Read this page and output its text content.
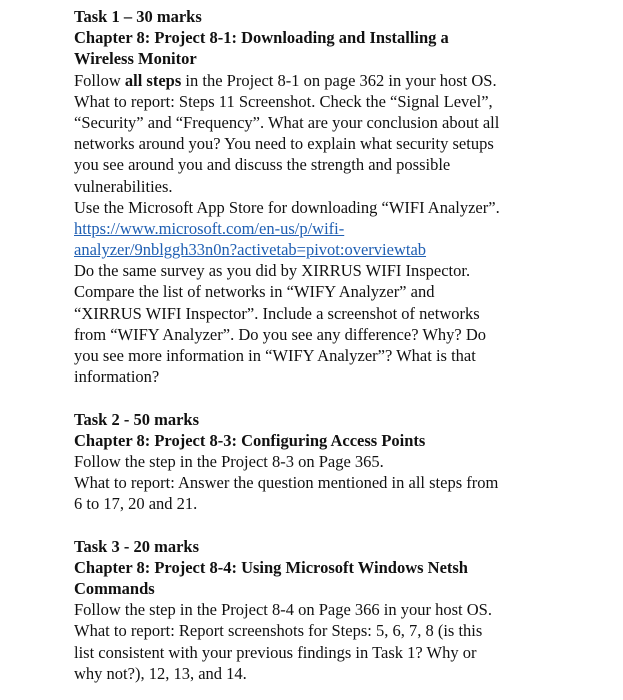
Task 1 – 30 marks
Chapter 8: Project 8-1: Downloading and Installing a
Wireless Monitor
Follow all steps in the Project 8-1 on page 362 in your host OS.
What to report: Steps 11 Screenshot. Check the “Signal Level”,
“Security” and “Frequency”. What are your conclusion about all
networks around you? You need to explain what security setups
you see around you and discuss the strength and possible
vulnerabilities.
Use the Microsoft App Store for downloading “WIFI Analyzer”.
https://www.microsoft.com/en-us/p/wifi-
analyzer/9nblggh33n0n?activetab=pivot:overviewtab
Do the same survey as you did by XIRRUS WIFI Inspector.
Compare the list of networks in “WIFY Analyzer” and
“XIRRUS WIFI Inspector”. Include a screenshot of networks
from “WIFY Analyzer”. Do you see any difference? Why? Do
you see more information in “WIFY Analyzer”? What is that
information?
Task 2 - 50 marks
Chapter 8: Project 8-3: Configuring Access Points
Follow the step in the Project 8-3 on Page 365.
What to report: Answer the question mentioned in all steps from
6 to 17, 20 and 21.
Task 3 - 20 marks
Chapter 8: Project 8-4: Using Microsoft Windows Netsh
Commands
Follow the step in the Project 8-4 on Page 366 in your host OS.
What to report: Report screenshots for Steps: 5, 6, 7, 8 (is this
list consistent with your previous findings in Task 1? Why or
why not?), 12, 13, and 14.
